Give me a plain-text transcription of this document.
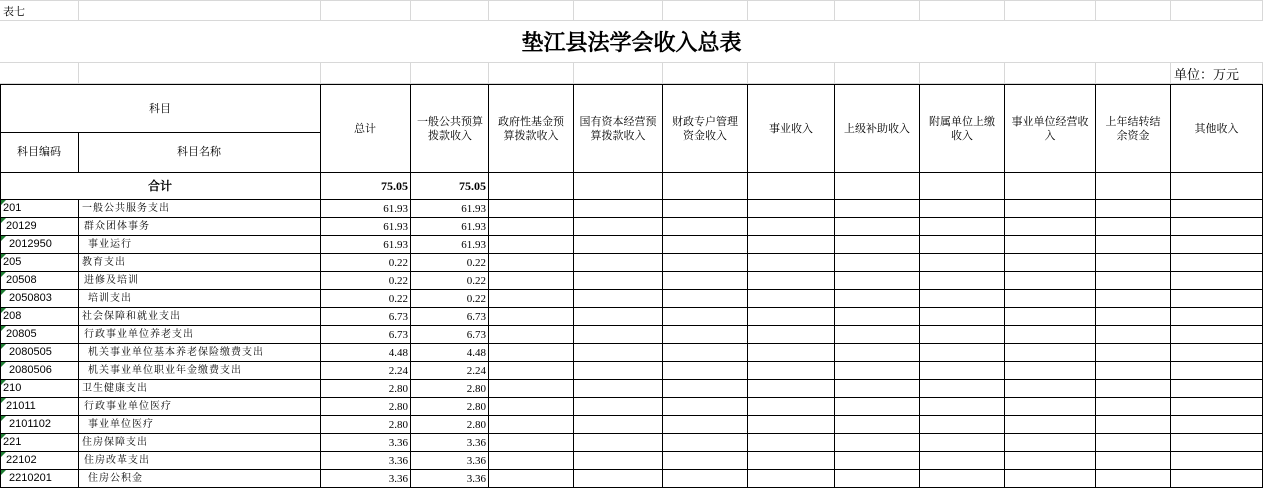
表七
垫江县法学会收入总表
单位：万元
科目
科目编码	科目名称
总计
一般公共预算拨款收入
政府性基金预算拨款收入
国有资本经营预算拨款收入
财政专户管理资金收入
事业收入	上级补助收入
附属单位上缴收入
事业单位经营收入
上年结转结余资金
其他收入
合计	75.05	75.05
201	一般公共服务支出	61.93	61.93
20129	群众团体事务	61.93	61.93
2012950	事业运行	61.93	61.93
205	教育支出	0.22	0.22
20508	进修及培训	0.22	0.22
2050803	培训支出	0.22	0.22
208	社会保障和就业支出	6.73	6.73
20805	行政事业单位养老支出	6.73	6.73
2080505	机关事业单位基本养老保险缴费支出	4.48	4.48
2080506	机关事业单位职业年金缴费支出	2.24	2.24
210	卫生健康支出	2.80	2.80
21011	行政事业单位医疗	2.80	2.80
2101102	事业单位医疗	2.80	2.80
221	住房保障支出	3.36	3.36
22102	住房改革支出	3.36	3.36
2210201	住房公积金	3.36	3.36
